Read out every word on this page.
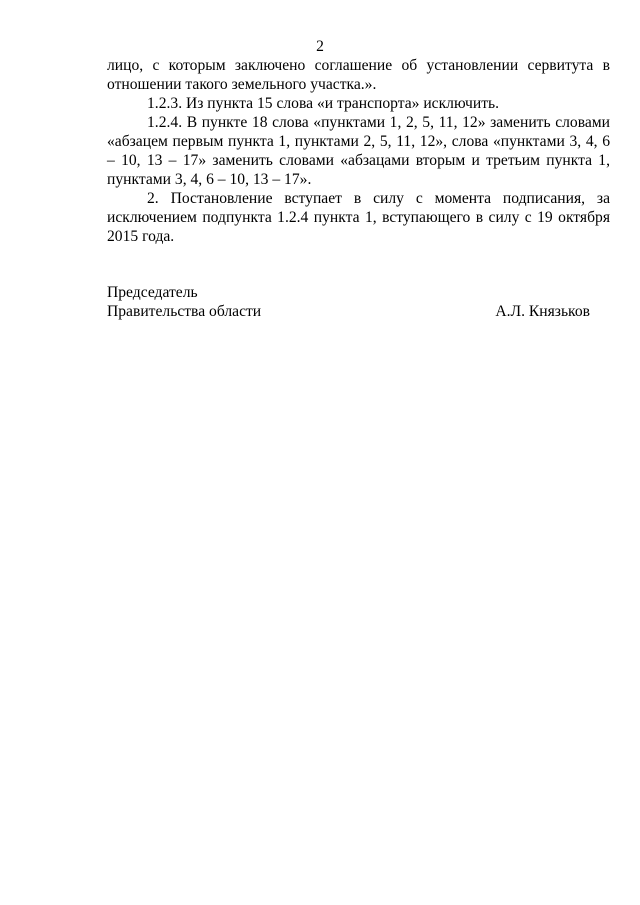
2

лицо, с которым заключено соглашение об установлении сервитута в отношении такого земельного участка.».

1.2.3. Из пункта 15 слова «и транспорта» исключить.

1.2.4. В пункте 18 слова «пунктами 1, 2, 5, 11, 12» заменить словами «абзацем первым пункта 1, пунктами 2, 5, 11, 12», слова «пунктами 3, 4, 6 – 10, 13 – 17» заменить словами «абзацами вторым и третьим пункта 1, пунктами 3, 4, 6 – 10, 13 – 17».

2. Постановление вступает в силу с момента подписания, за исключением подпункта 1.2.4 пункта 1, вступающего в силу с 19 октября 2015 года.

Председатель
Правительства области	А.Л. Князьков
